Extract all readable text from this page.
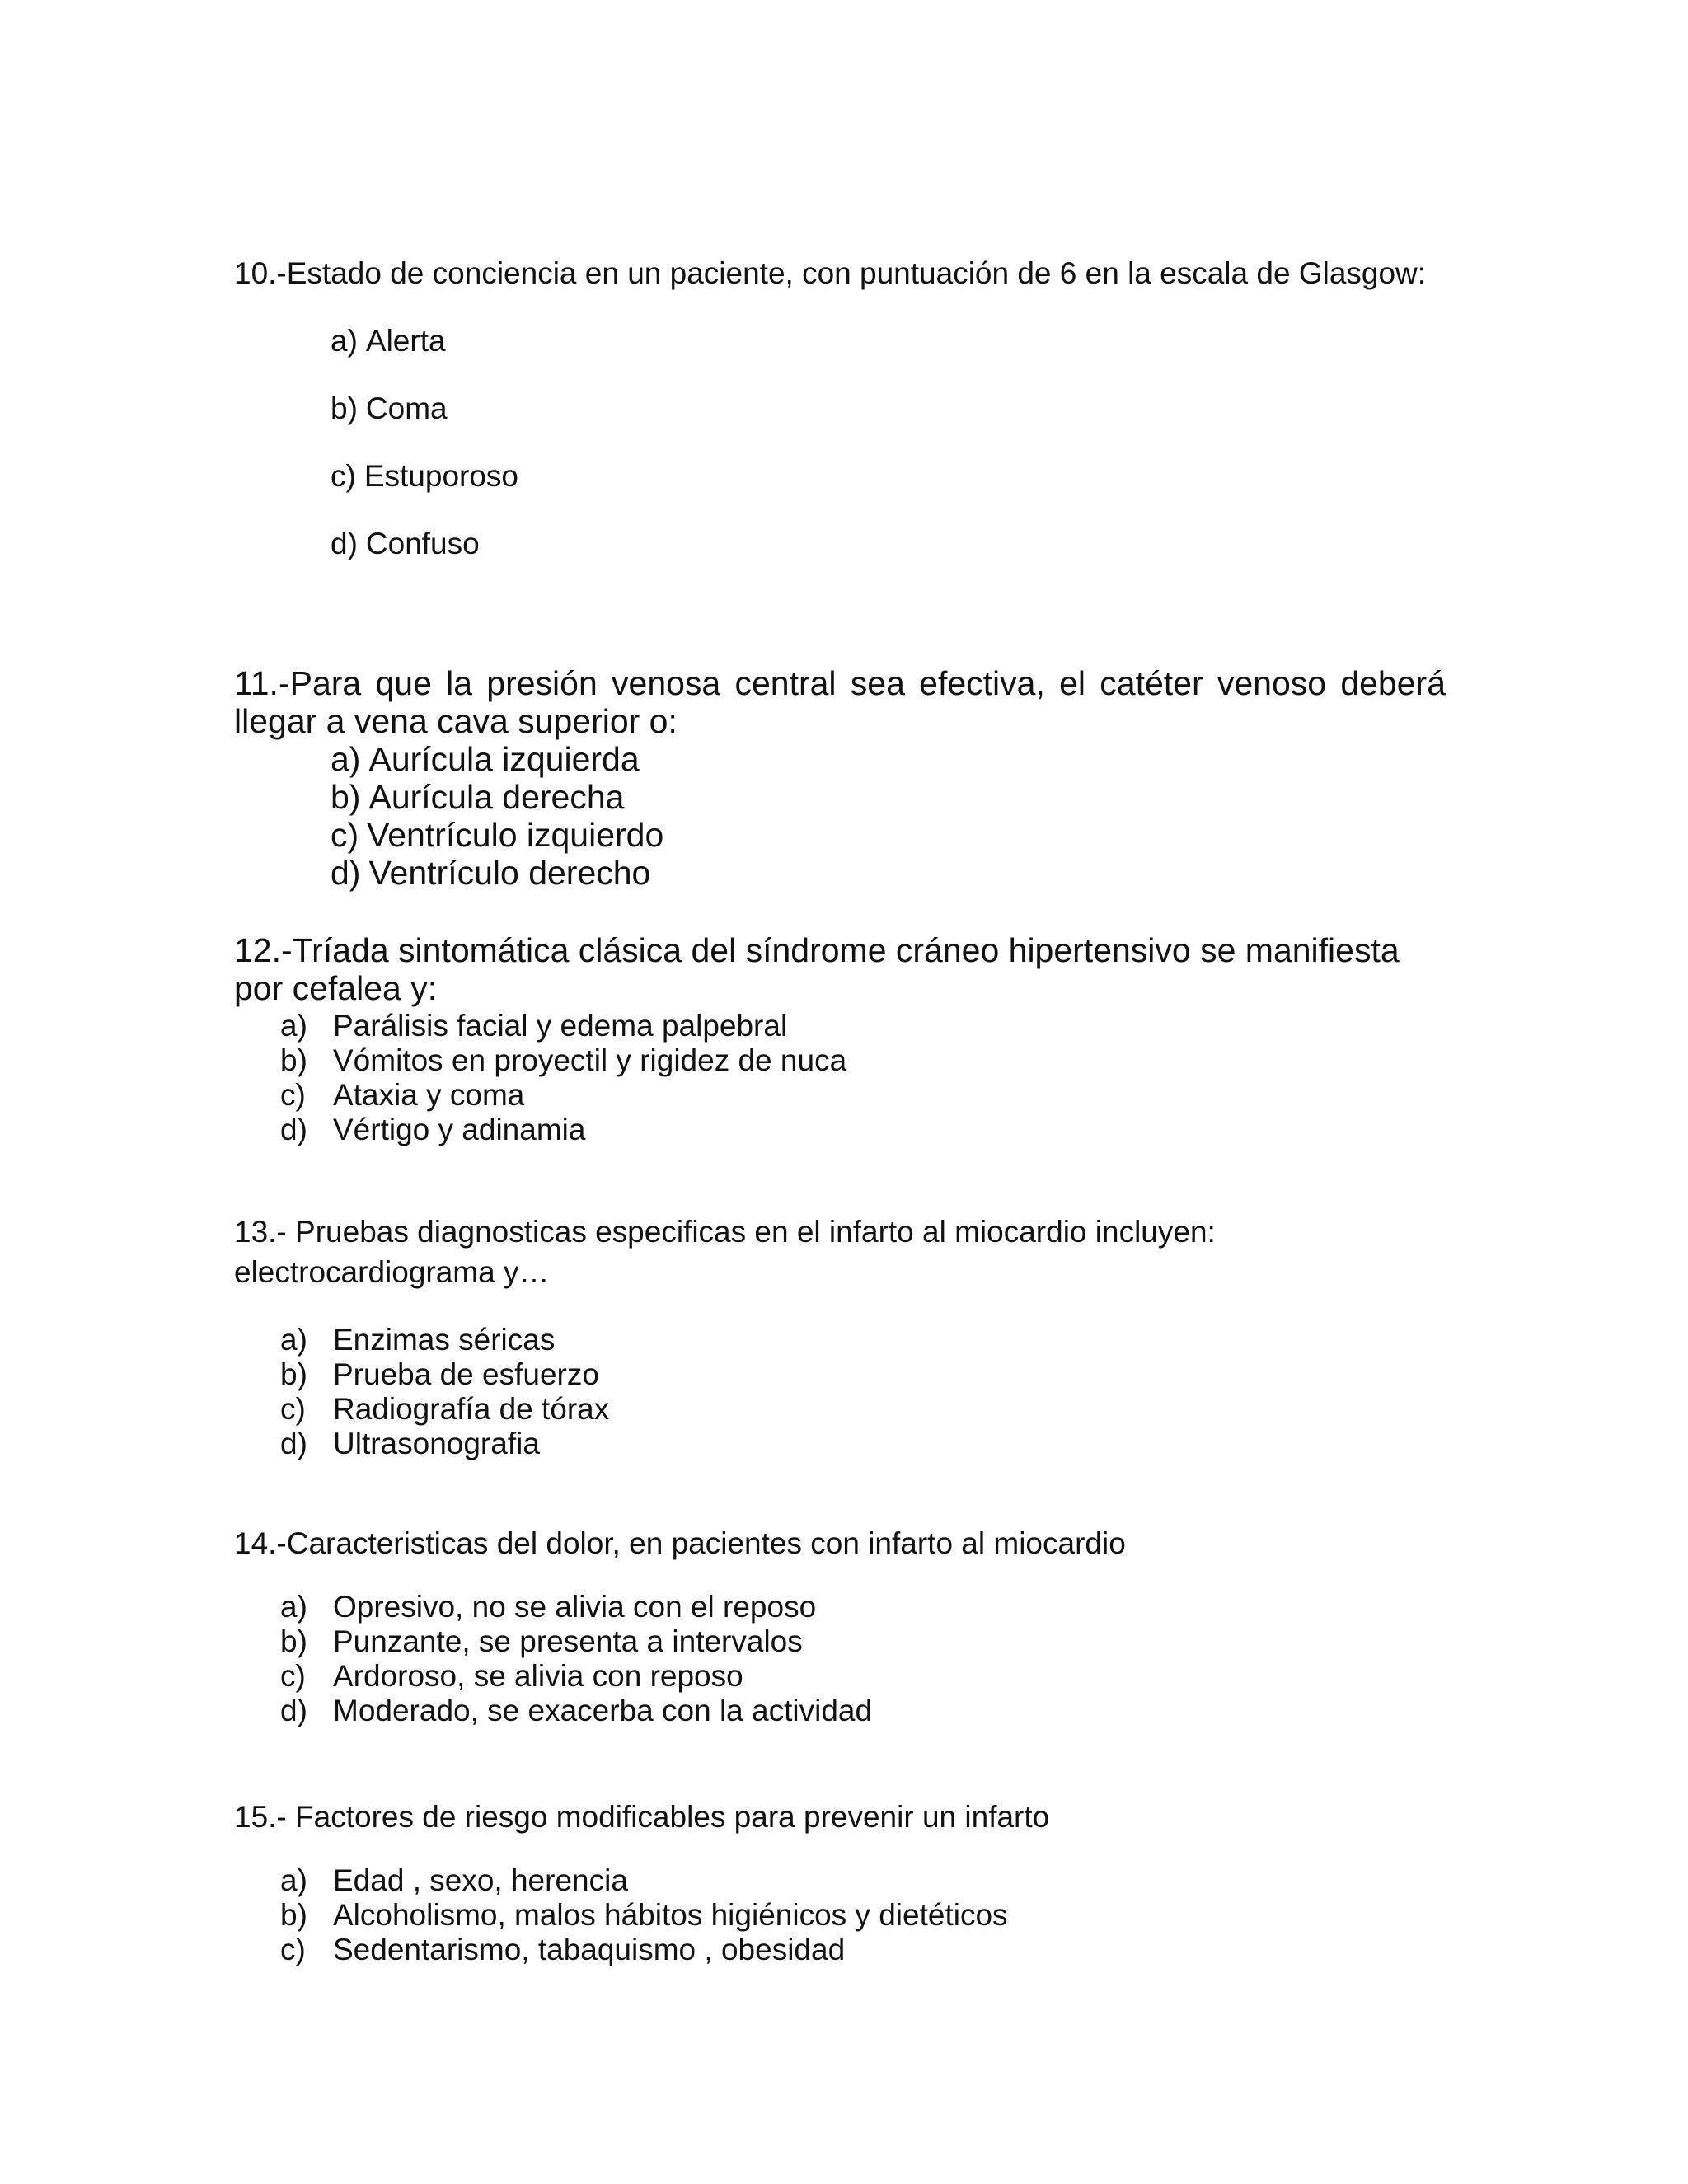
10.-Estado de conciencia en un paciente, con puntuación de 6 en la escala de Glasgow:

a) Alerta
b) Coma
c) Estuporoso
d) Confuso

11.-Para que la presión venosa central sea efectiva, el catéter venoso deberá llegar a vena cava superior o:

a) Aurícula izquierda
b) Aurícula derecha
c) Ventrículo izquierdo
d) Ventrículo derecho

12.-Tríada sintomática clásica del síndrome cráneo hipertensivo se manifiesta por cefalea y:

a) Parálisis facial y edema palpebral
b) Vómitos en proyectil y rigidez de nuca
c) Ataxia y coma
d) Vértigo y adinamia

13.- Pruebas diagnosticas especificas en el infarto al miocardio incluyen:
electrocardiograma y…

a) Enzimas séricas
b) Prueba de esfuerzo
c) Radiografía de tórax
d) Ultrasonografia

14.-Caracteristicas del dolor, en pacientes con infarto al miocardio

a) Opresivo, no se alivia con el reposo
b) Punzante, se presenta a intervalos
c) Ardoroso, se alivia con reposo
d) Moderado, se exacerba con la actividad

15.- Factores de riesgo modificables para prevenir un infarto

a) Edad , sexo, herencia
b) Alcoholismo, malos hábitos higiénicos y dietéticos
c) Sedentarismo, tabaquismo , obesidad
